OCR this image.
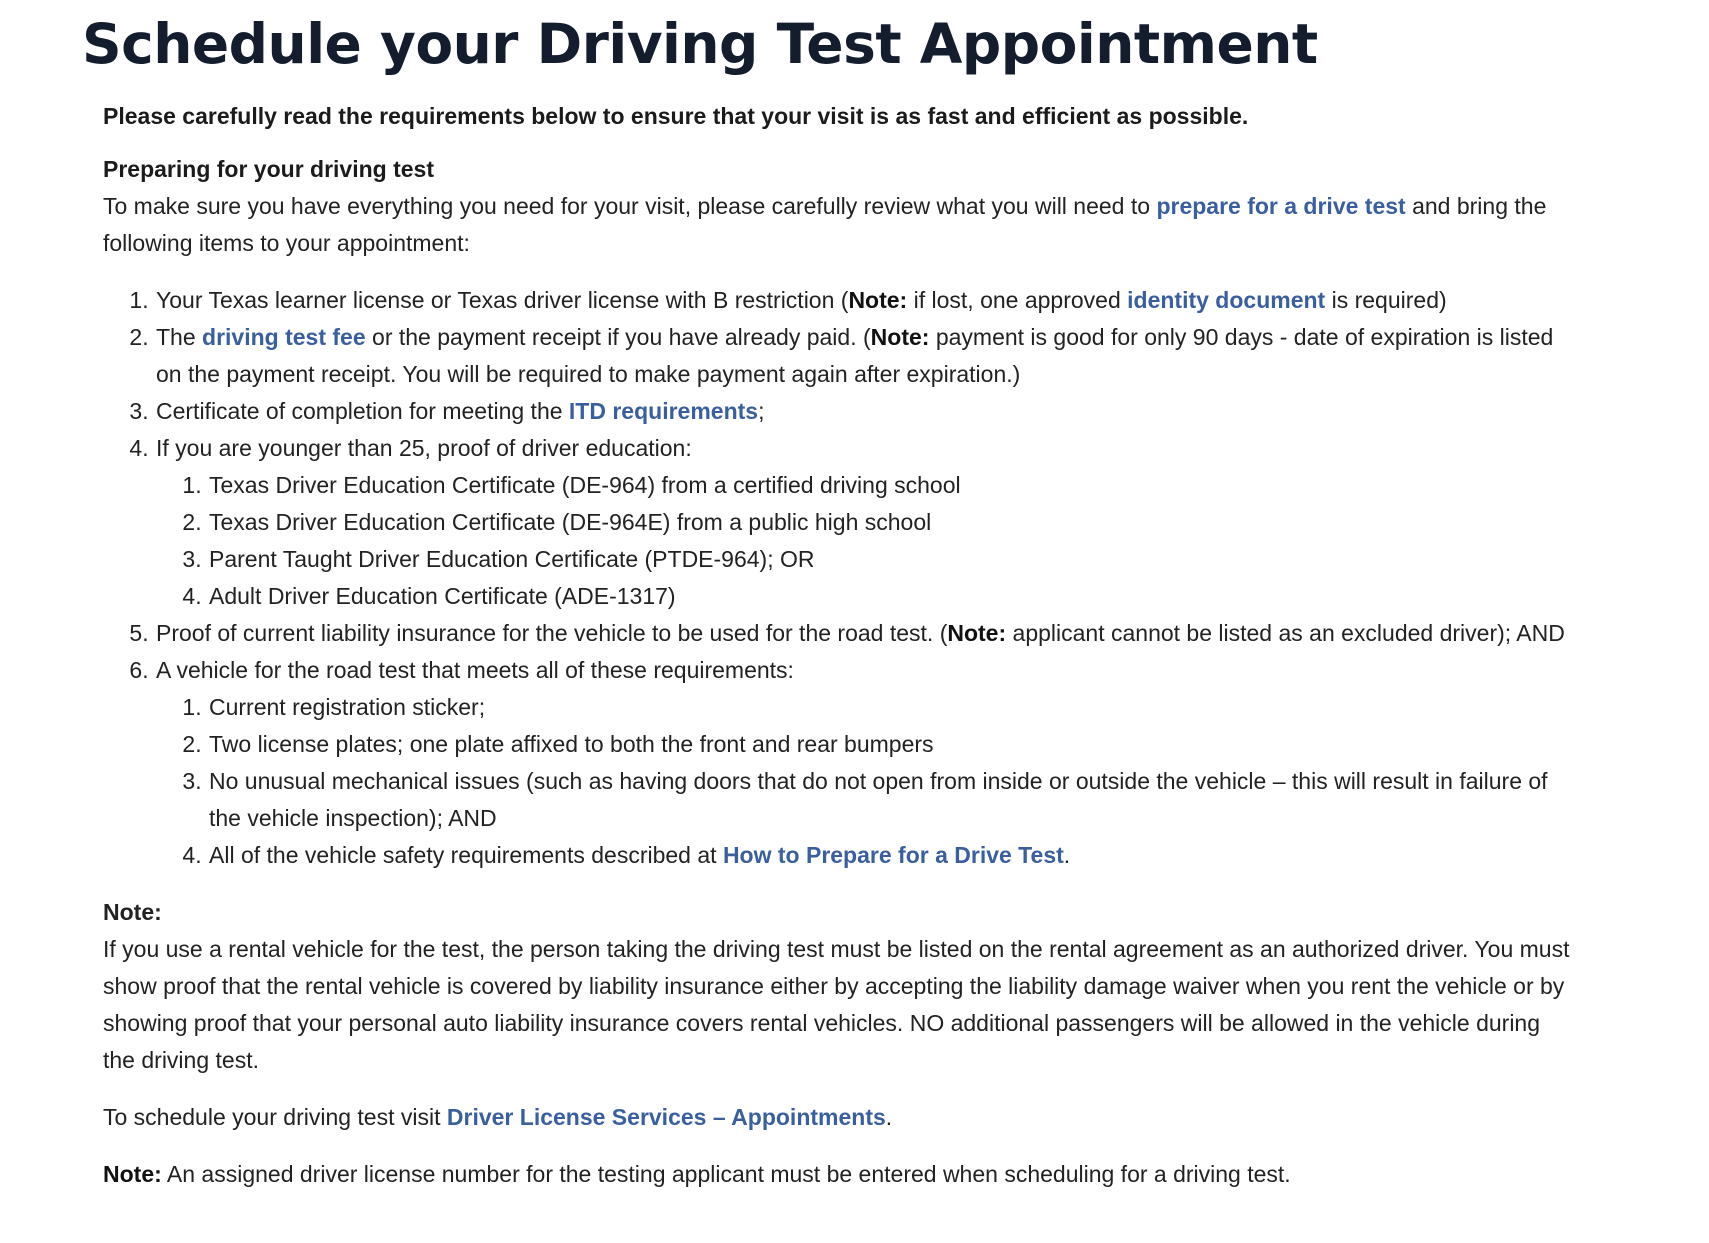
Schedule your Driving Test Appointment

Please carefully read the requirements below to ensure that your visit is as fast and efficient as possible.

Preparing for your driving test

To make sure you have everything you need for your visit, please carefully review what you will need to prepare for a drive test and bring the following items to your appointment:

1. Your Texas learner license or Texas driver license with B restriction (Note: if lost, one approved identity document is required)
2. The driving test fee or the payment receipt if you have already paid. (Note: payment is good for only 90 days - date of expiration is listed on the payment receipt. You will be required to make payment again after expiration.)
3. Certificate of completion for meeting the ITD requirements;
4. If you are younger than 25, proof of driver education:
1. Texas Driver Education Certificate (DE-964) from a certified driving school
2. Texas Driver Education Certificate (DE-964E) from a public high school
3. Parent Taught Driver Education Certificate (PTDE-964); OR
4. Adult Driver Education Certificate (ADE-1317)
5. Proof of current liability insurance for the vehicle to be used for the road test. (Note: applicant cannot be listed as an excluded driver); AND
6. A vehicle for the road test that meets all of these requirements:
1. Current registration sticker;
2. Two license plates; one plate affixed to both the front and rear bumpers
3. No unusual mechanical issues (such as having doors that do not open from inside or outside the vehicle – this will result in failure of the vehicle inspection); AND
4. All of the vehicle safety requirements described at How to Prepare for a Drive Test.

Note:

If you use a rental vehicle for the test, the person taking the driving test must be listed on the rental agreement as an authorized driver. You must show proof that the rental vehicle is covered by liability insurance either by accepting the liability damage waiver when you rent the vehicle or by showing proof that your personal auto liability insurance covers rental vehicles. NO additional passengers will be allowed in the vehicle during the driving test.

To schedule your driving test visit Driver License Services – Appointments.

Note: An assigned driver license number for the testing applicant must be entered when scheduling for a driving test.
